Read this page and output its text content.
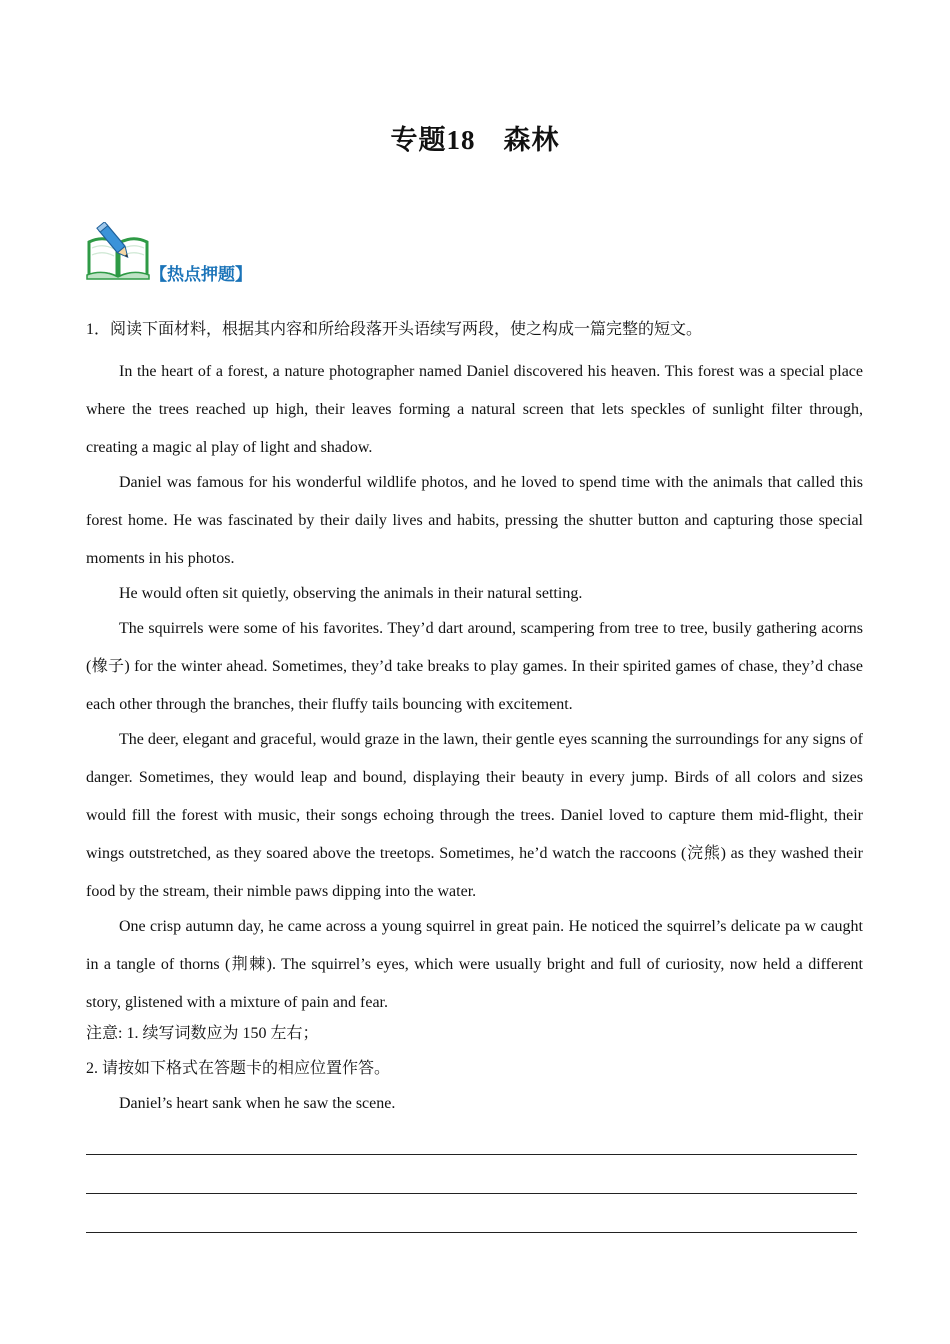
专题18　森林
【热点押题】

1．阅读下面材料，根据其内容和所给段落开头语续写两段，使之构成一篇完整的短文。

In the heart of a forest, a nature photographer named Daniel discovered his heaven. This forest was a special place where the trees reached up high, their leaves forming a natural screen that lets speckles of sunlight filter through, creating a magic al play of light and shadow.

Daniel was famous for his wonderful wildlife photos, and he loved to spend time with the animals that called this forest home. He was fascinated by their daily lives and habits, pressing the shutter button and capturing those special moments in his photos.

He would often sit quietly, observing the animals in their natural setting.

The squirrels were some of his favorites. They’d dart around, scampering from tree to tree, busily gathering acorns (橡子) for the winter ahead. Sometimes, they’d take breaks to play games. In their spirited games of chase, they’d chase each other through the branches, their fluffy tails bouncing with excitement.

The deer, elegant and graceful, would graze in the lawn, their gentle eyes scanning the surroundings for any signs of danger. Sometimes, they would leap and bound, displaying their beauty in every jump. Birds of all colors and sizes would fill the forest with music, their songs echoing through the trees. Daniel loved to capture them mid-flight, their wings outstretched, as they soared above the treetops. Sometimes, he’d watch the raccoons (浣熊) as they washed their food by the stream, their nimble paws dipping into the water.

One crisp autumn day, he came across a young squirrel in great pain. He noticed the squirrel’s delicate pa w caught in a tangle of thorns (荆棘). The squirrel’s eyes, which were usually bright and full of curiosity, now held a different story, glistened with a mixture of pain and fear.

注意: 1. 续写词数应为 150 左右；

2. 请按如下格式在答题卡的相应位置作答。

Daniel’s heart sank when he saw the scene.
